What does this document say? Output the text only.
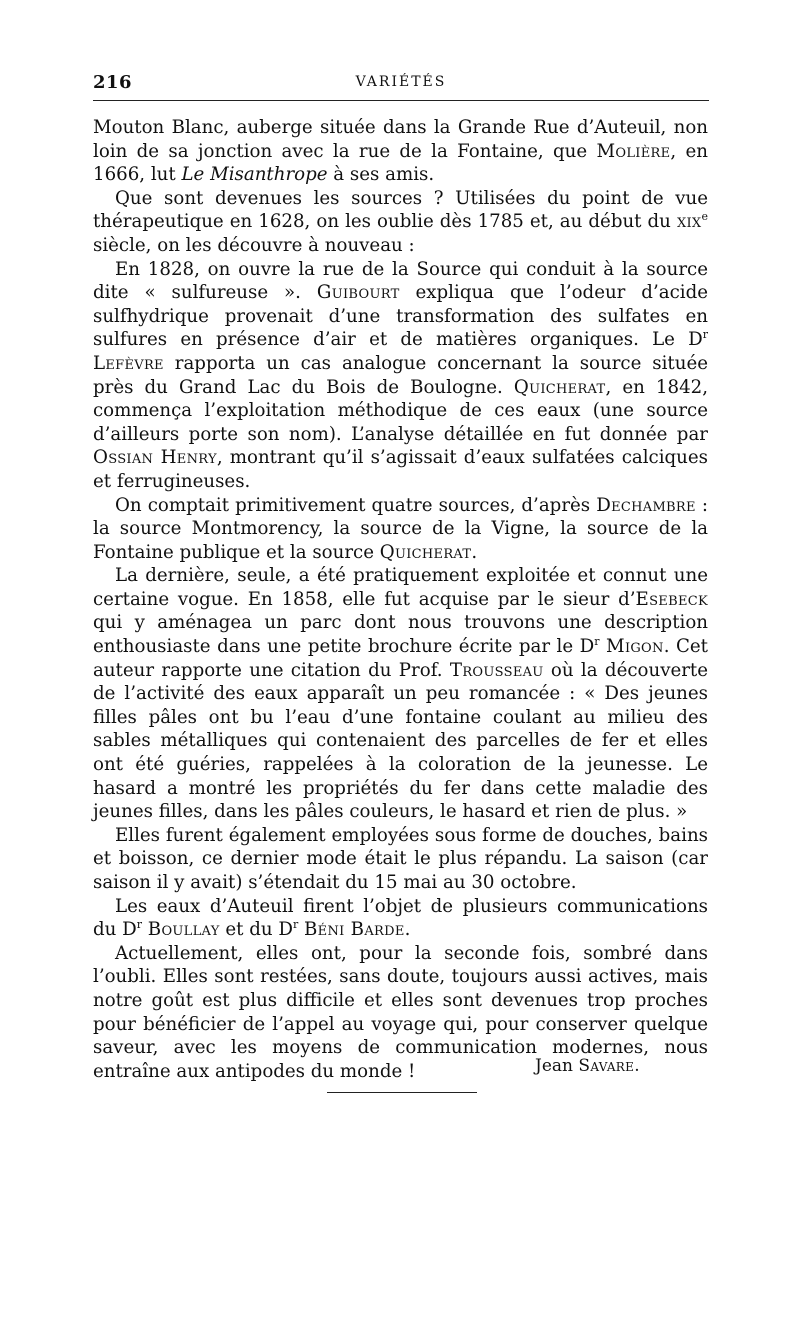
216	VARIÉTÉS

Mouton Blanc, auberge située dans la Grande Rue d’Auteuil, non loin de sa jonction avec la rue de la Fontaine, que Molière, en 1666, lut Le Misanthrope à ses amis.

Que sont devenues les sources ? Utilisées du point de vue thérapeutique en 1628, on les oublie dès 1785 et, au début du xix$^e$ siècle, on les découvre à nouveau :

En 1828, on ouvre la rue de la Source qui conduit à la source dite « sulfureuse ». Guibourt expliqua que l’odeur d’acide sulfhydrique provenait d’une transformation des sulfates en sulfures en présence d’air et de matières organiques. Le $D^r$ Lefèvre rapporta un cas analogue concernant la source située près du Grand Lac du Bois de Boulogne. Quicherat, en 1842, commença l’exploitation méthodique de ces eaux (une source d’ailleurs porte son nom). L’analyse détaillée en fut donnée par Ossian Henry, montrant qu’il s’agissait d’eaux sulfatées calciques et ferrugineuses.

On comptait primitivement quatre sources, d’après Dechambre : la source Montmorency, la source de la Vigne, la source de la Fontaine publique et la source Quicherat.

La dernière, seule, a été pratiquement exploitée et connut une certaine vogue. En 1858, elle fut acquise par le sieur d’Esebeck qui y aménagea un parc dont nous trouvons une description enthousiaste dans une petite brochure écrite par le $D^r$ Migon. Cet auteur rapporte une citation du Prof. Trousseau où la découverte de l’activité des eaux apparaît un peu romancée : « Des jeunes filles pâles ont bu l’eau d’une fontaine coulant au milieu des sables métalliques qui contenaient des parcelles de fer et elles ont été guéries, rappelées à la coloration de la jeunesse. Le hasard a montré les propriétés du fer dans cette maladie des jeunes filles, dans les pâles couleurs, le hasard et rien de plus. »

Elles furent également employées sous forme de douches, bains et boisson, ce dernier mode était le plus répandu. La saison (car saison il y avait) s’étendait du 15 mai au 30 octobre.

Les eaux d’Auteuil firent l’objet de plusieurs communications du $D^r$ Boullay et du $D^r$ Béni Barde.

Actuellement, elles ont, pour la seconde fois, sombré dans l’oubli. Elles sont restées, sans doute, toujours aussi actives, mais notre goût est plus difficile et elles sont devenues trop proches pour bénéficier de l’appel au voyage qui, pour conserver quelque saveur, avec les moyens de communication modernes, nous entraîne aux antipodes du monde !	Jean Savare.
